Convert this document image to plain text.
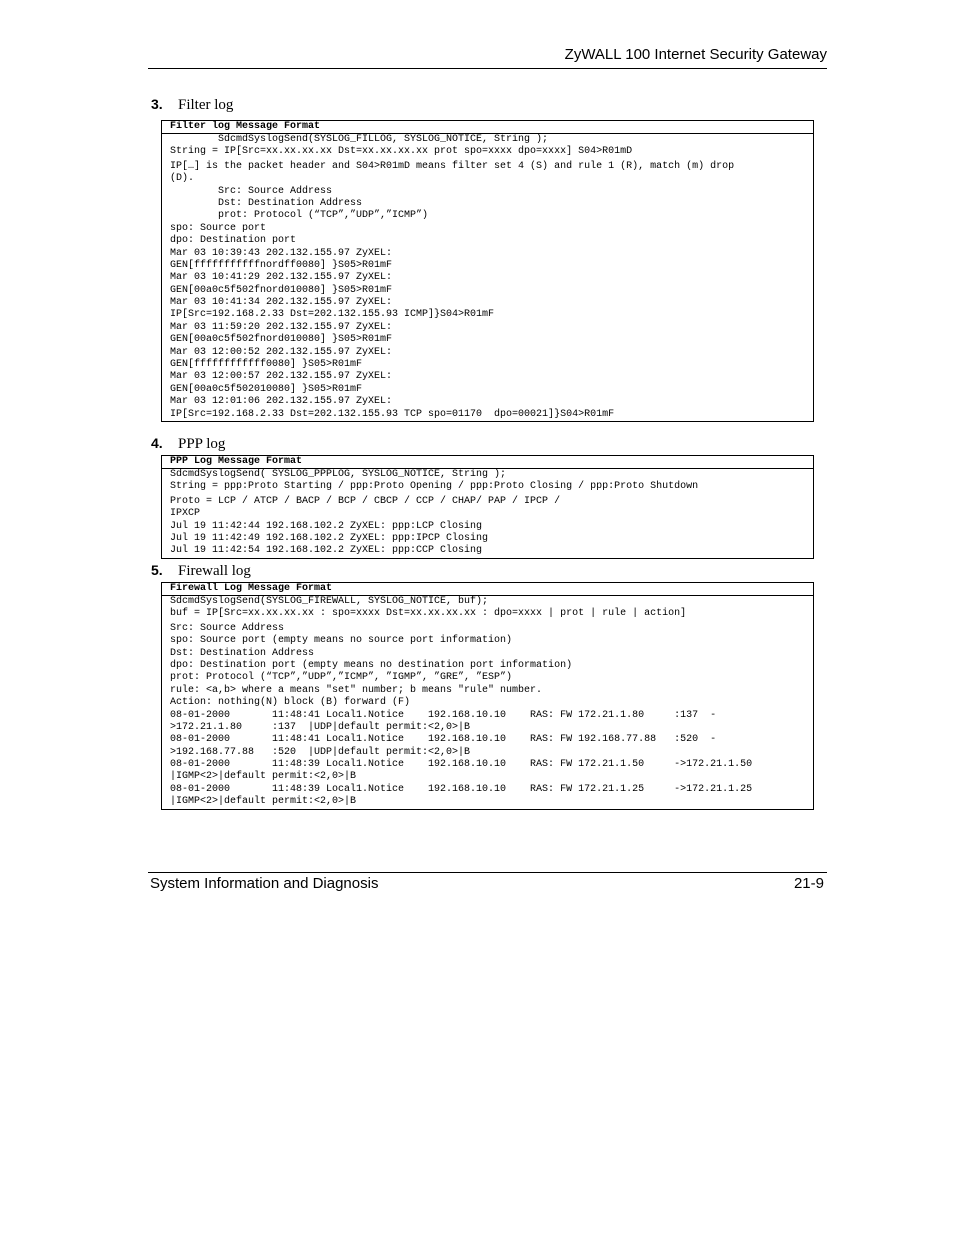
ZyWALL 100 Internet Security Gateway
3. Filter log
Filter log Message Format
SdcmdSyslogSend(SYSLOG_FILLOG, SYSLOG_NOTICE, String );
String = IP[Src=xx.xx.xx.xx Dst=xx.xx.xx.xx prot spo=xxxx dpo=xxxx] S04>R01mD
IP[…] is the packet header and S04>R01mD means filter set 4 (S) and rule 1 (R), match (m) drop
(D).
Src: Source Address
Dst: Destination Address
prot: Protocol (“TCP”,”UDP”,”ICMP”)
spo: Source port
dpo: Destination port
Mar 03 10:39:43 202.132.155.97 ZyXEL:
GEN[fffffffffffnordff0080] }S05>R01mF
Mar 03 10:41:29 202.132.155.97 ZyXEL:
GEN[00a0c5f502fnord010080] }S05>R01mF
Mar 03 10:41:34 202.132.155.97 ZyXEL:
IP[Src=192.168.2.33 Dst=202.132.155.93 ICMP]}S04>R01mF
Mar 03 11:59:20 202.132.155.97 ZyXEL:
GEN[00a0c5f502fnord010080] }S05>R01mF
Mar 03 12:00:52 202.132.155.97 ZyXEL:
GEN[ffffffffffff0080] }S05>R01mF
Mar 03 12:00:57 202.132.155.97 ZyXEL:
GEN[00a0c5f502010080] }S05>R01mF
Mar 03 12:01:06 202.132.155.97 ZyXEL:
IP[Src=192.168.2.33 Dst=202.132.155.93 TCP spo=01170  dpo=00021]}S04>R01mF
4. PPP log
PPP Log Message Format
SdcmdSyslogSend( SYSLOG_PPPLOG, SYSLOG_NOTICE, String );
String = ppp:Proto Starting / ppp:Proto Opening / ppp:Proto Closing / ppp:Proto Shutdown
Proto = LCP / ATCP / BACP / BCP / CBCP / CCP / CHAP/ PAP / IPCP /
IPXCP
Jul 19 11:42:44 192.168.102.2 ZyXEL: ppp:LCP Closing
Jul 19 11:42:49 192.168.102.2 ZyXEL: ppp:IPCP Closing
Jul 19 11:42:54 192.168.102.2 ZyXEL: ppp:CCP Closing
5. Firewall log
Firewall Log Message Format
SdcmdSyslogSend(SYSLOG_FIREWALL, SYSLOG_NOTICE, buf);
buf = IP[Src=xx.xx.xx.xx : spo=xxxx Dst=xx.xx.xx.xx : dpo=xxxx | prot | rule | action]
Src: Source Address
spo: Source port (empty means no source port information)
Dst: Destination Address
dpo: Destination port (empty means no destination port information)
prot: Protocol (“TCP”,”UDP”,”ICMP”, ”IGMP”, ”GRE”, ”ESP”)
rule: <a,b> where a means "set" number; b means "rule" number.
Action: nothing(N) block (B) forward (F)
08-01-2000       11:48:41 Local1.Notice    192.168.10.10    RAS: FW 172.21.1.80     :137  -
>172.21.1.80     :137  |UDP|default permit:<2,0>|B
08-01-2000       11:48:41 Local1.Notice    192.168.10.10    RAS: FW 192.168.77.88   :520  -
>192.168.77.88   :520  |UDP|default permit:<2,0>|B
08-01-2000       11:48:39 Local1.Notice    192.168.10.10    RAS: FW 172.21.1.50     ->172.21.1.50
|IGMP<2>|default permit:<2,0>|B
08-01-2000       11:48:39 Local1.Notice    192.168.10.10    RAS: FW 172.21.1.25     ->172.21.1.25
|IGMP<2>|default permit:<2,0>|B
System Information and Diagnosis	21-9
